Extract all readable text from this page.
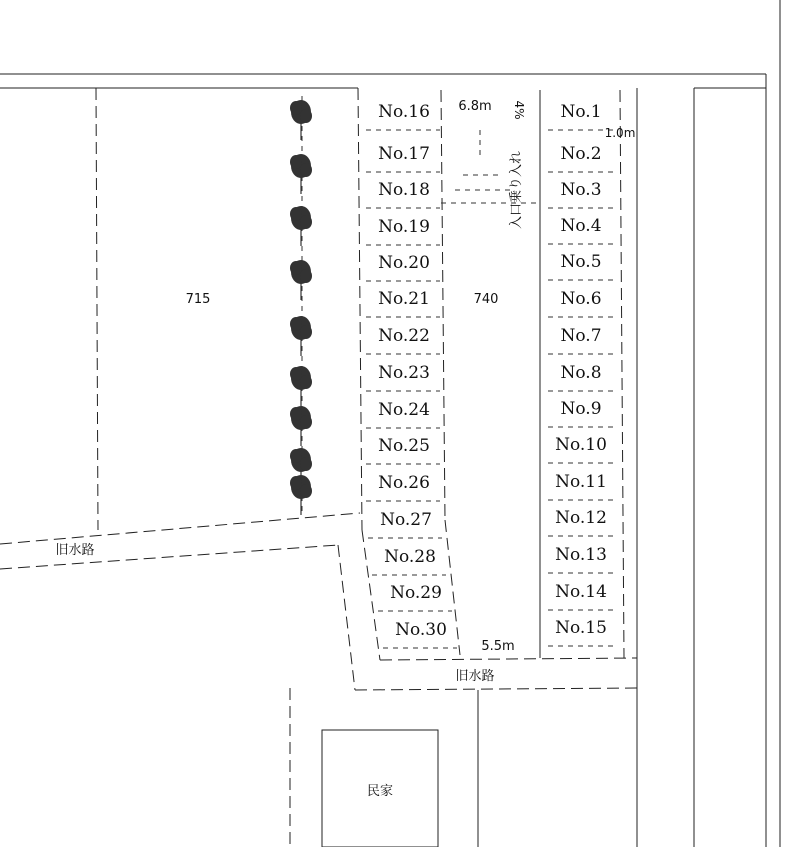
No.1
No.2
No.3
No.4
No.5
No.6
No.7
No.8
No.9
No.10
No.11
No.12
No.13
No.14
No.15
No.16
No.17
No.18
No.19
No.20
No.21
No.22
No.23
No.24
No.25
No.26
No.27
No.28
No.29
No.30
715	740
6.8m
5.5m
1.0m
4%
入口乗り入れ
旧水路
旧水路
民家
